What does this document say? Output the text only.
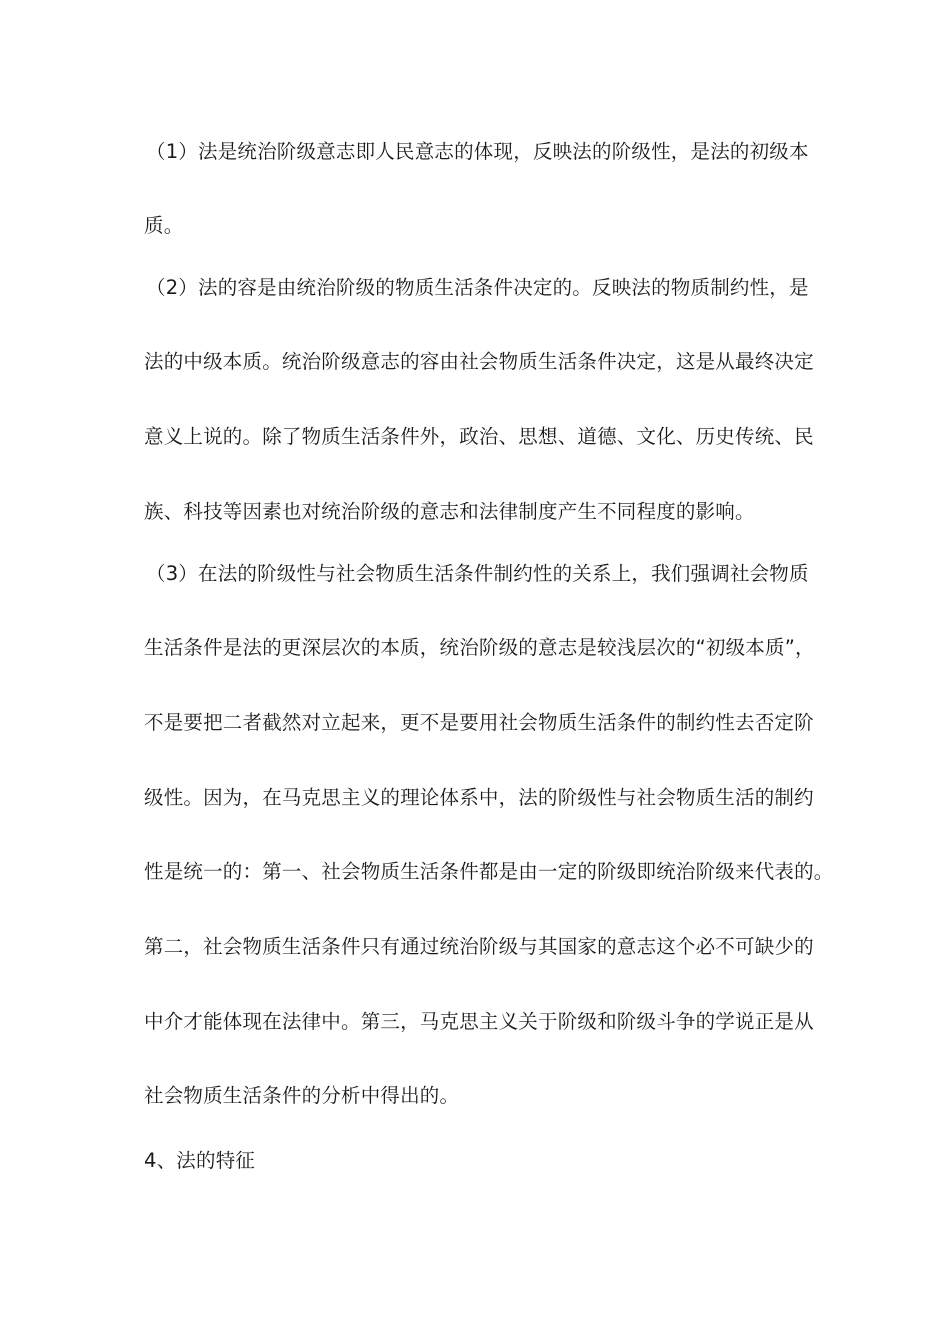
（1）法是统治阶级意志即人民意志的体现，反映法的阶级性，是法的初级本
质。
（2）法的容是由统治阶级的物质生活条件决定的。反映法的物质制约性，是
法的中级本质。统治阶级意志的容由社会物质生活条件决定，这是从最终决定
意义上说的。除了物质生活条件外，政治、思想、道德、文化、历史传统、民
族、科技等因素也对统治阶级的意志和法律制度产生不同程度的影响。
（3）在法的阶级性与社会物质生活条件制约性的关系上，我们强调社会物质
生活条件是法的更深层次的本质，统治阶级的意志是较浅层次的“初级本质”，
不是要把二者截然对立起来，更不是要用社会物质生活条件的制约性去否定阶
级性。因为，在马克思主义的理论体系中，法的阶级性与社会物质生活的制约
性是统一的：第一、社会物质生活条件都是由一定的阶级即统治阶级来代表的。
第二，社会物质生活条件只有通过统治阶级与其国家的意志这个必不可缺少的
中介才能体现在法律中。第三，马克思主义关于阶级和阶级斗争的学说正是从
社会物质生活条件的分析中得出的。
4、法的特征
